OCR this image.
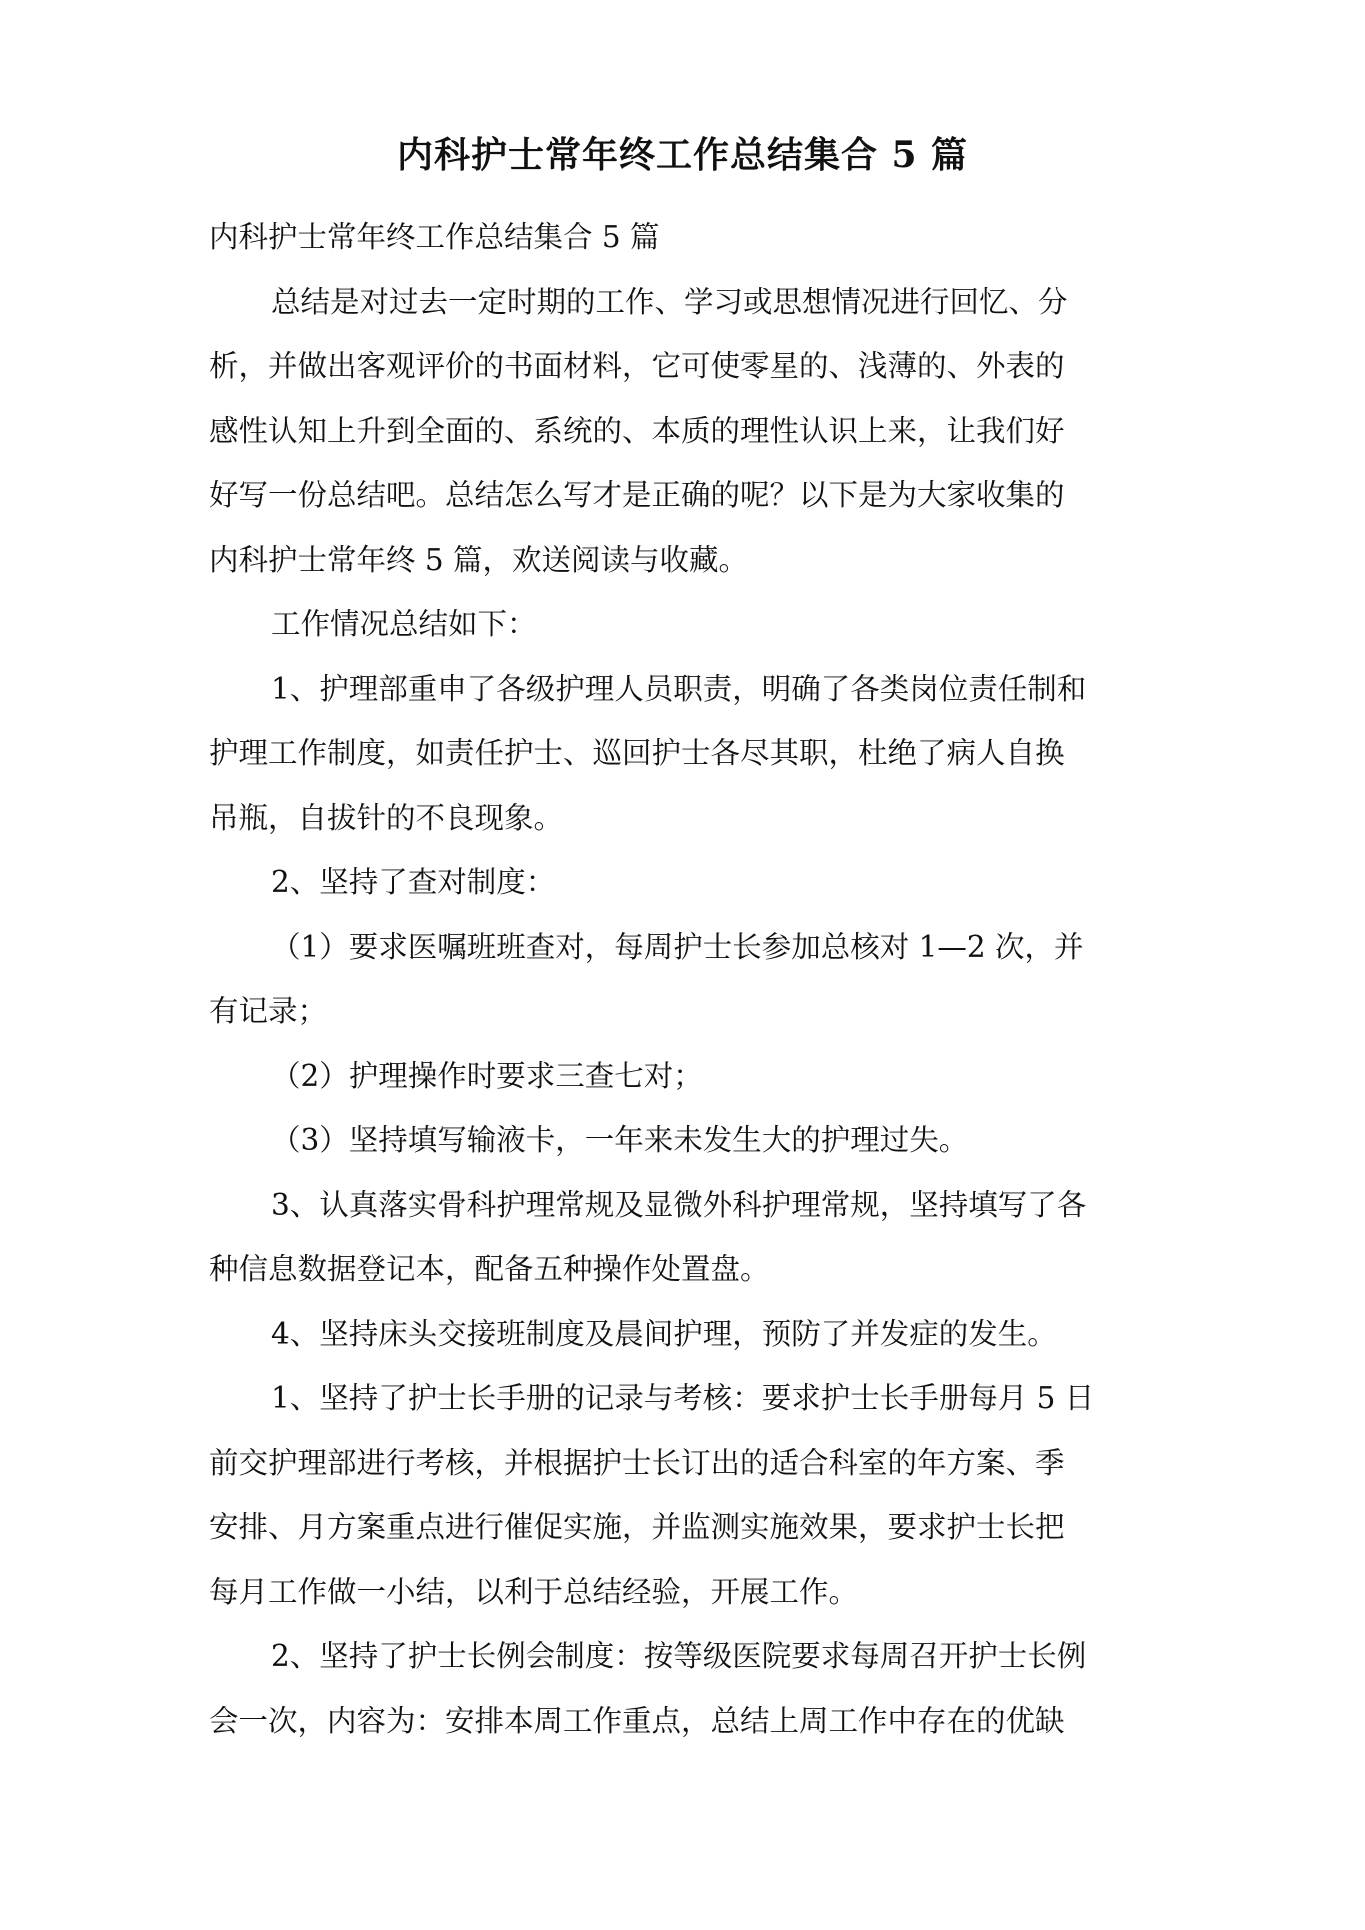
内科护士常年终工作总结集合 5 篇
内科护士常年终工作总结集合 5 篇
总结是对过去一定时期的工作、学习或思想情况进行回忆、分
析，并做出客观评价的书面材料，它可使零星的、浅薄的、外表的
感性认知上升到全面的、系统的、本质的理性认识上来，让我们好
好写一份总结吧。总结怎么写才是正确的呢？以下是为大家收集的
内科护士常年终 5 篇，欢送阅读与收藏。
工作情况总结如下：
1、护理部重申了各级护理人员职责，明确了各类岗位责任制和
护理工作制度，如责任护士、巡回护士各尽其职，杜绝了病人自换
吊瓶，自拔针的不良现象。
2、坚持了查对制度：
（1）要求医嘱班班查对，每周护士长参加总核对 1—2 次，并
有记录；
（2）护理操作时要求三查七对；
（3）坚持填写输液卡，一年来未发生大的护理过失。
3、认真落实骨科护理常规及显微外科护理常规，坚持填写了各
种信息数据登记本，配备五种操作处置盘。
4、坚持床头交接班制度及晨间护理，预防了并发症的发生。
1、坚持了护士长手册的记录与考核：要求护士长手册每月 5 日
前交护理部进行考核，并根据护士长订出的适合科室的年方案、季
安排、月方案重点进行催促实施，并监测实施效果，要求护士长把
每月工作做一小结，以利于总结经验，开展工作。
2、坚持了护士长例会制度：按等级医院要求每周召开护士长例
会一次，内容为：安排本周工作重点，总结上周工作中存在的优缺
